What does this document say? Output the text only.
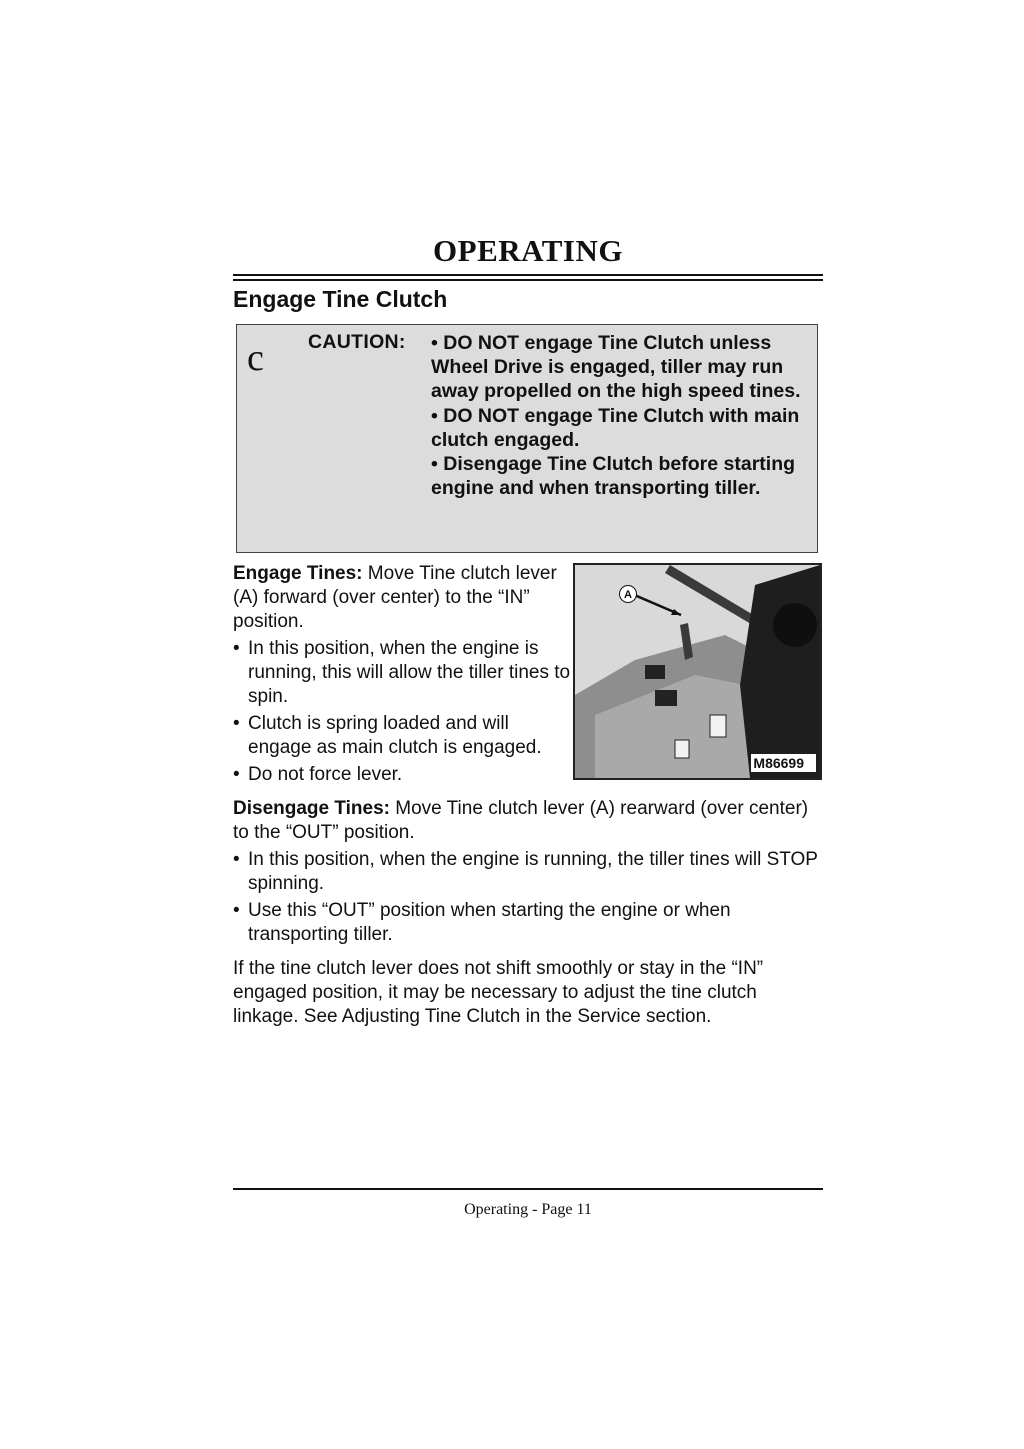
OPERATING
Engage Tine Clutch
c CAUTION: • DO NOT engage Tine Clutch unless Wheel Drive is engaged, tiller may run away propelled on the high speed tines.

• DO NOT engage Tine Clutch with main clutch engaged.

• Disengage Tine Clutch before starting engine and when transporting tiller.

Engage Tines: Move Tine clutch lever (A) forward (over center) to the “IN” position.

• In this position, when the engine is running, this will allow the tiller tines to spin.
• Clutch is spring loaded and will engage as main clutch is engaged.
• Do not force lever.
A
M86699

Disengage Tines: Move Tine clutch lever (A) rearward (over center) to the “OUT” position.

• In this position, when the engine is running, the tiller tines will STOP spinning.
• Use this “OUT” position when starting the engine or when transporting tiller.

If the tine clutch lever does not shift smoothly or stay in the “IN” engaged position, it may be necessary to adjust the tine clutch linkage. See Adjusting Tine Clutch in the Service section.

Operating - Page 11
